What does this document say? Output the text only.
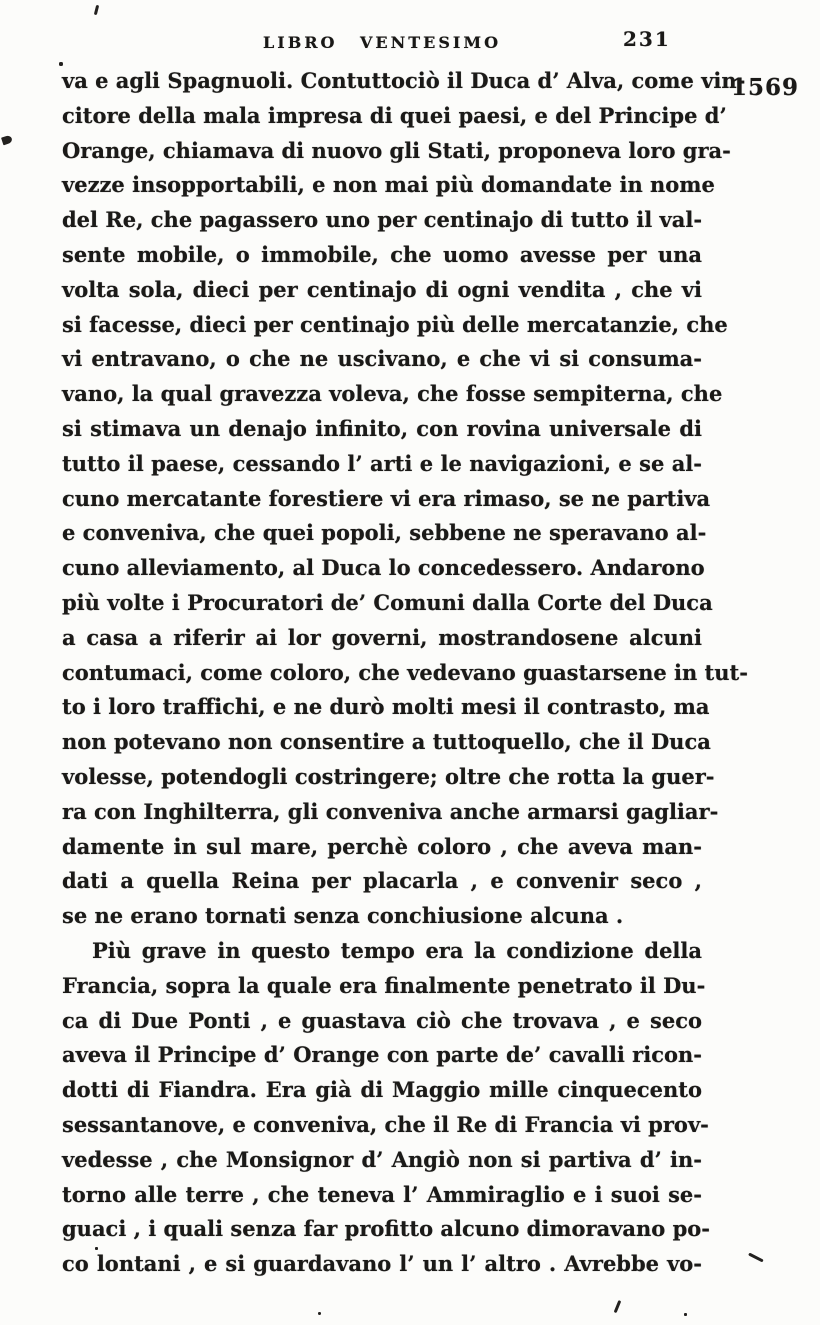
LIBRO VENTESIMO	231
1569
va e agli Spagnuoli. Contuttociò il Duca d’ Alva, come vin-
citore della mala impresa di quei paesi, e del Principe d’
Orange, chiamava di nuovo gli Stati, proponeva loro gra-
vezze insopportabili, e non mai più domandate in nome
del Re, che pagassero uno per centinajo di tutto il val-
sente mobile, o immobile, che uomo avesse per una
volta sola, dieci per centinajo di ogni vendita , che vi
si facesse, dieci per centinajo più delle mercatanzie, che
vi entravano, o che ne uscivano, e che vi si consuma-
vano, la qual gravezza voleva, che fosse sempiterna, che
si stimava un denajo infinito, con rovina universale di
tutto il paese, cessando l’ arti e le navigazioni, e se al-
cuno mercatante forestiere vi era rimaso, se ne partiva
e conveniva, che quei popoli, sebbene ne speravano al-
cuno alleviamento, al Duca lo concedessero. Andarono
più volte i Procuratori de’ Comuni dalla Corte del Duca
a casa a riferir ai lor governi, mostrandosene alcuni
contumaci, come coloro, che vedevano guastarsene in tut-
to i loro traffichi, e ne durò molti mesi il contrasto, ma
non potevano non consentire a tuttoquello, che il Duca
volesse, potendogli costringere; oltre che rotta la guer-
ra con Inghilterra, gli conveniva anche armarsi gagliar-
damente in sul mare, perchè coloro , che aveva man-
dati a quella Reina per placarla , e convenir seco ,
se ne erano tornati senza conchiusione alcuna .
Più grave in questo tempo era la condizione della
Francia, sopra la quale era finalmente penetrato il Du-
ca di Due Ponti , e guastava ciò che trovava , e seco
aveva il Principe d’ Orange con parte de’ cavalli ricon-
dotti di Fiandra. Era già di Maggio mille cinquecento
sessantanove, e conveniva, che il Re di Francia vi prov-
vedesse , che Monsignor d’ Angiò non si partiva d’ in-
torno alle terre , che teneva l’ Ammiraglio e i suoi se-
guaci , i quali senza far profitto alcuno dimoravano po-
co lontani , e si guardavano l’ un l’ altro . Avrebbe vo-
